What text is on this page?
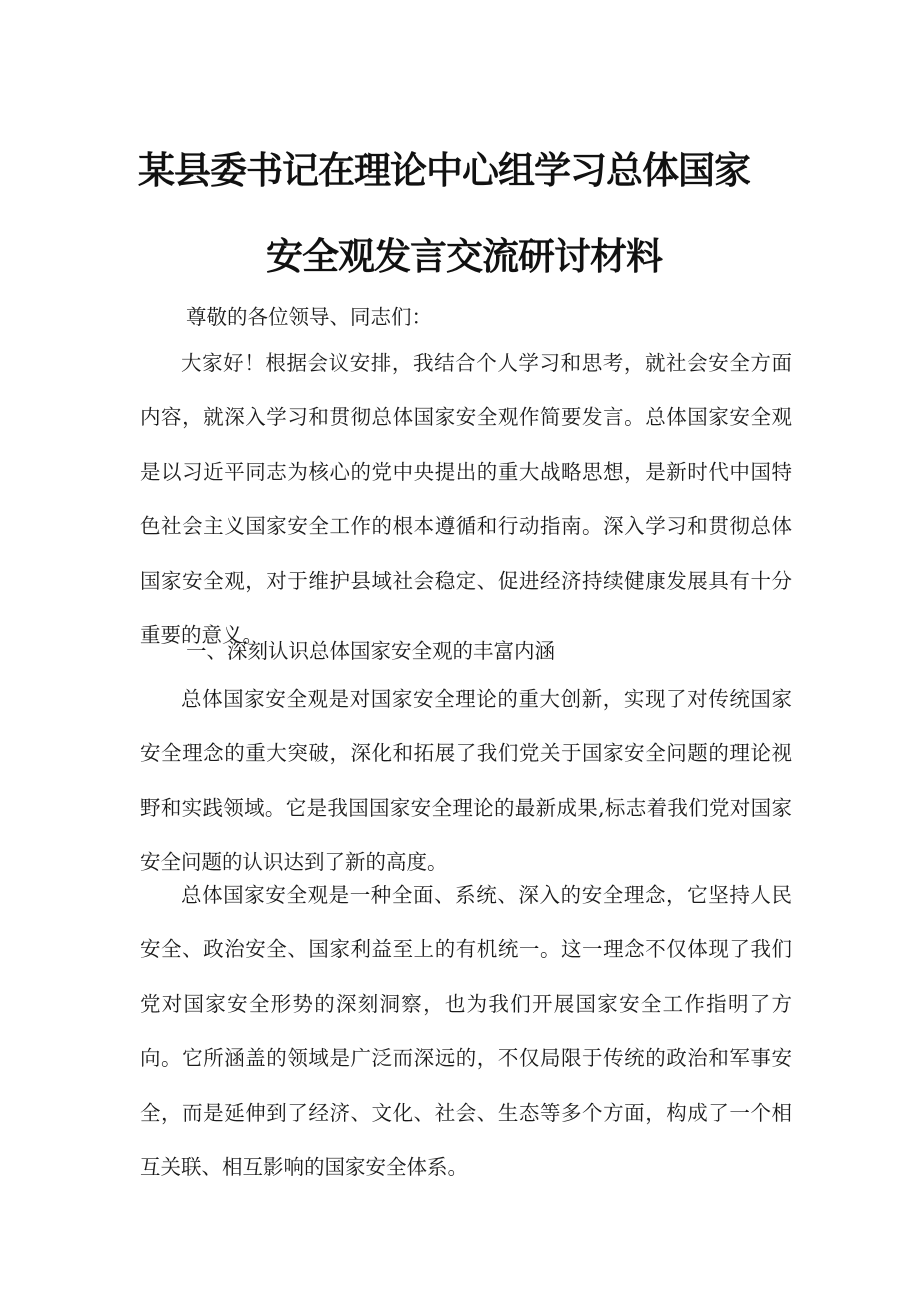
某县委书记在理论中心组学习总体国家
安全观发言交流研讨材料
尊敬的各位领导、同志们：

大家好！根据会议安排，我结合个人学习和思考，就社会安全方面内容，就深入学习和贯彻总体国家安全观作简要发言。总体国家安全观是以习近平同志为核心的党中央提出的重大战略思想，是新时代中国特色社会主义国家安全工作的根本遵循和行动指南。深入学习和贯彻总体国家安全观，对于维护县域社会稳定、促进经济持续健康发展具有十分重要的意义。

一、深刻认识总体国家安全观的丰富内涵

总体国家安全观是对国家安全理论的重大创新，实现了对传统国家安全理念的重大突破，深化和拓展了我们党关于国家安全问题的理论视野和实践领域。它是我国国家安全理论的最新成果,标志着我们党对国家安全问题的认识达到了新的高度。

总体国家安全观是一种全面、系统、深入的安全理念，它坚持人民安全、政治安全、国家利益至上的有机统一。这一理念不仅体现了我们党对国家安全形势的深刻洞察，也为我们开展国家安全工作指明了方向。它所涵盖的领域是广泛而深远的，不仅局限于传统的政治和军事安全，而是延伸到了经济、文化、社会、生态等多个方面，构成了一个相互关联、相互影响的国家安全体系。
